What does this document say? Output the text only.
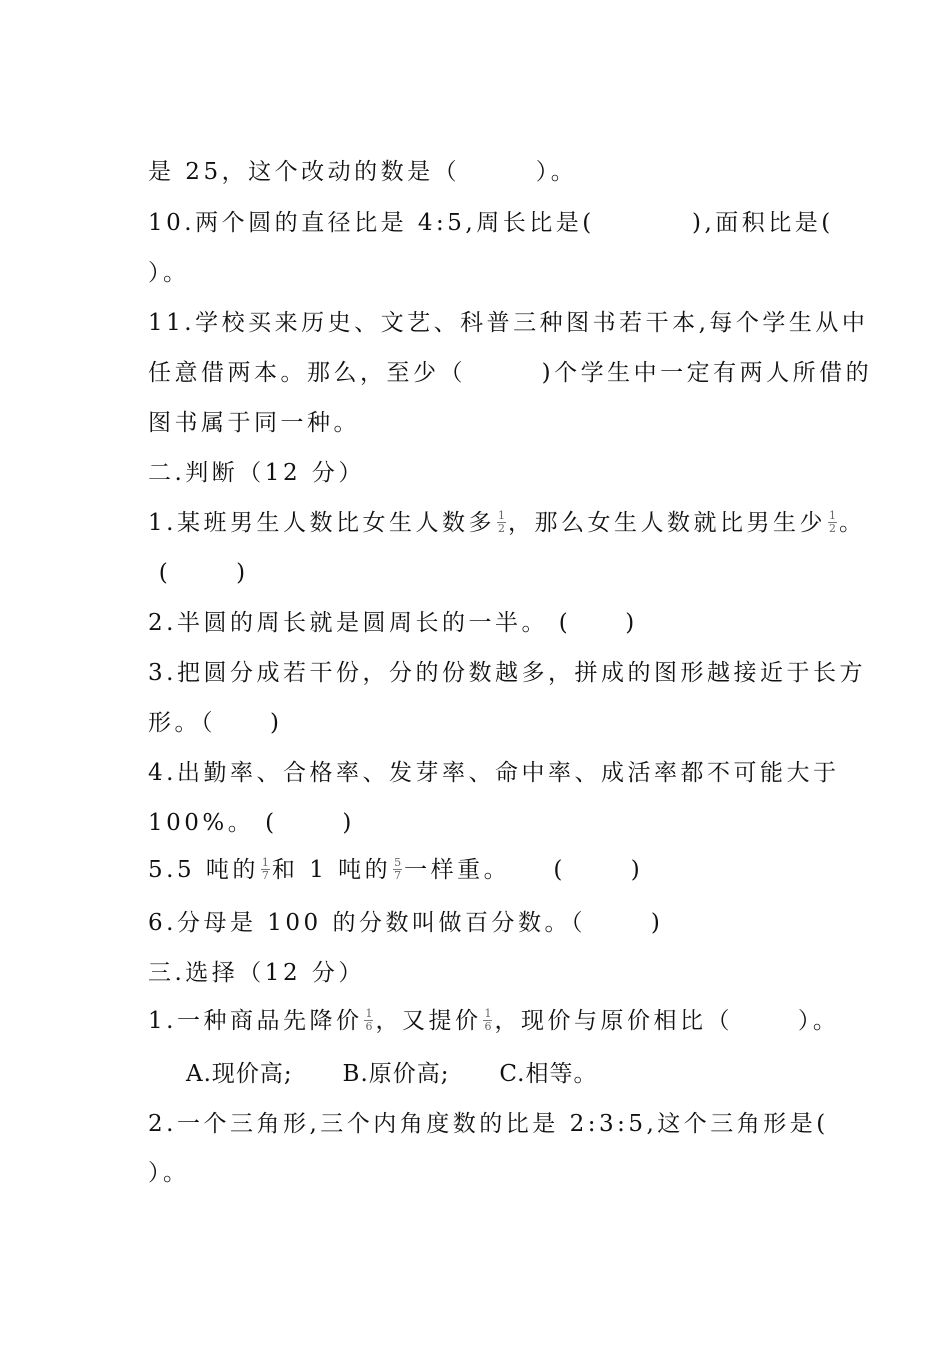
是 25，这个改动的数是（       ）。
10.两个圆的直径比是 4:5,周长比是(         ),面积比是(
）。
11.学校买来历史、文艺、科普三种图书若干本,每个学生从中
任意借两本。那么，至少（       )个学生中一定有两人所借的
图书属于同一种。
二.判断（12 分）
1.某班男生人数比女生人数多 $\frac{1}{2}$ ，那么女生人数就比男生少 $\frac{1}{2}$ 。
(      )
2.半圆的周长就是圆周长的一半。 (     )
3.把圆分成若干份，分的份数越多，拼成的图形越接近于长方
形。（     )
4.出勤率、合格率、发芽率、命中率、成活率都不可能大于
100%。 (      )
5.5 吨的 $\frac{1}{7}$ 和 1 吨的 $\frac{5}{7}$ 一样重。    (      )
6.分母是 100 的分数叫做百分数。（      )
三.选择（12 分）
1.一种商品先降价 $\frac{1}{6}$ ，又提价 $\frac{1}{6}$ ，现价与原价相比（      ）。
A.现价高;      B.原价高;      C.相等。
2.一个三角形,三个内角度数的比是 2:3:5,这个三角形是(
）。
